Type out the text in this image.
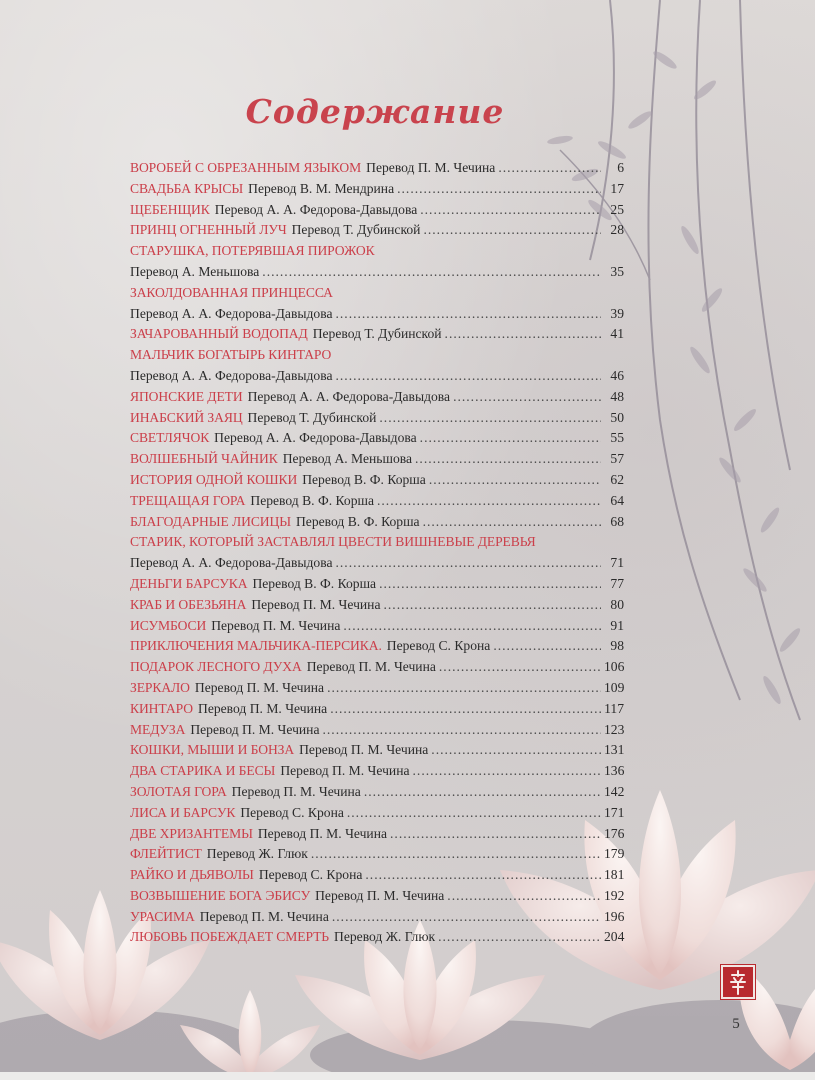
Содержание
ВОРОБЕЙ С ОБРЕЗАННЫМ ЯЗЫКОМ Перевод П. М. Чечина .....	6
СВАДЬБА КРЫСЫ Перевод В. М. Мендрина .....	17
ЩЕБЕНЩИК Перевод А. А. Федорова-Давыдова .....	25
ПРИНЦ ОГНЕННЫЙ ЛУЧ Перевод Т. Дубинской .....	28
СТАРУШКА, ПОТЕРЯВШАЯ ПИРОЖОК
Перевод А. Меньшова .....	35
ЗАКОЛДОВАННАЯ ПРИНЦЕССА
Перевод А. А. Федорова-Давыдова .....	39
ЗАЧАРОВАННЫЙ ВОДОПАД Перевод Т. Дубинской .....	41
МАЛЬЧИК БОГАТЫРЬ КИНТАРО
Перевод А. А. Федорова-Давыдова .....	46
ЯПОНСКИЕ ДЕТИ Перевод А. А. Федорова-Давыдова .....	48
ИНАБСКИЙ ЗАЯЦ Перевод Т. Дубинской .....	50
СВЕТЛЯЧОК Перевод А. А. Федорова-Давыдова .....	55
ВОЛШЕБНЫЙ ЧАЙНИК Перевод А. Меньшова .....	57
ИСТОРИЯ ОДНОЙ КОШКИ Перевод В. Ф. Корша .....	62
ТРЕЩАЩАЯ ГОРА Перевод В. Ф. Корша .....	64
БЛАГОДАРНЫЕ ЛИСИЦЫ Перевод В. Ф. Корша .....	68
СТАРИК, КОТОРЫЙ ЗАСТАВЛЯЛ ЦВЕСТИ ВИШНЕВЫЕ ДЕРЕВЬЯ
Перевод А. А. Федорова-Давыдова .....	71
ДЕНЬГИ БАРСУКА Перевод В. Ф. Корша .....	77
КРАБ И ОБЕЗЬЯНА Перевод П. М. Чечина .....	80
ИСУМБОСИ Перевод П. М. Чечина .....	91
ПРИКЛЮЧЕНИЯ МАЛЬЧИКА-ПЕРСИКА. Перевод С. Крона .....	98
ПОДАРОК ЛЕСНОГО ДУХА Перевод П. М. Чечина .....	106
ЗЕРКАЛО Перевод П. М. Чечина .....	109
КИНТАРО Перевод П. М. Чечина .....	117
МЕДУЗА Перевод П. М. Чечина .....	123
КОШКИ, МЫШИ И БОНЗА Перевод П. М. Чечина .....	131
ДВА СТАРИКА И БЕСЫ Перевод П. М. Чечина .....	136
ЗОЛОТАЯ ГОРА Перевод П. М. Чечина .....	142
ЛИСА И БАРСУК Перевод С. Крона .....	171
ДВЕ ХРИЗАНТЕМЫ Перевод П. М. Чечина .....	176
ФЛЕЙТИСТ Перевод Ж. Глюк .....	179
РАЙКО И ДЬЯВОЛЫ Перевод С. Крона .....	181
ВОЗВЫШЕНИЕ БОГА ЭБИСУ Перевод П. М. Чечина .....	192
УРАСИМА Перевод П. М. Чечина .....	196
ЛЮБОВЬ ПОБЕЖДАЕТ СМЕРТЬ Перевод Ж. Глюк .....	204
5
